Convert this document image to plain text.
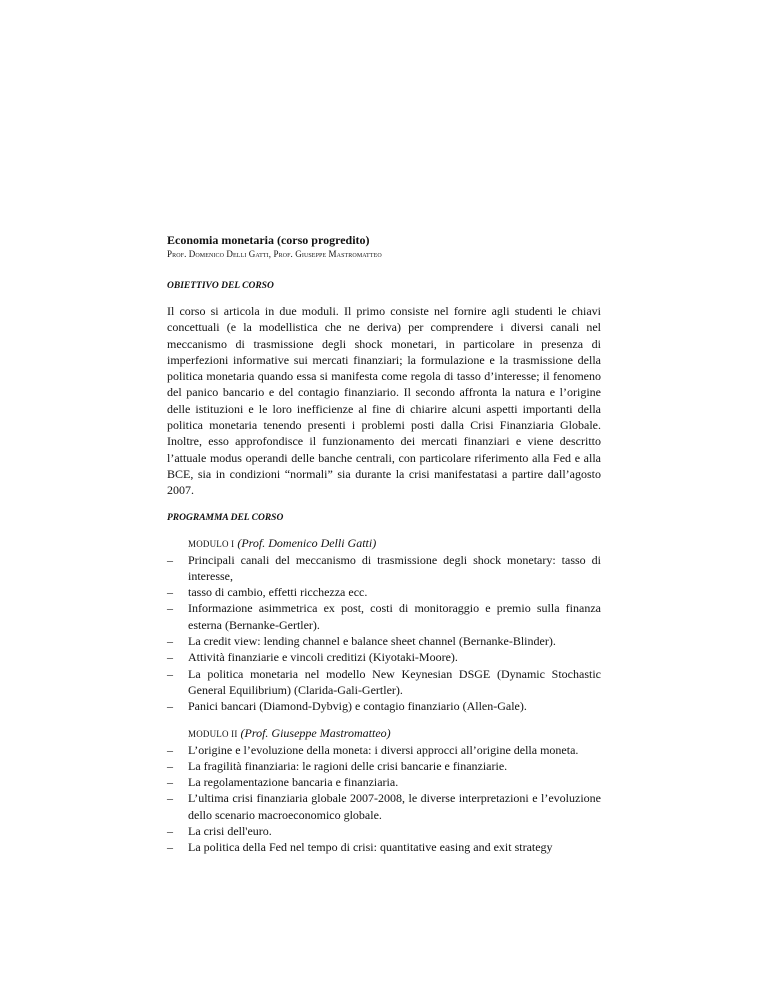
Economia monetaria (corso progredito)

Prof. Domenico Delli Gatti, Prof. Giuseppe Mastromatteo

OBIETTIVO DEL CORSO

Il corso si articola in due moduli. Il primo consiste nel fornire agli studenti le chiavi concettuali (e la modellistica che ne deriva) per comprendere i diversi canali nel meccanismo di trasmissione degli shock monetari, in particolare in presenza di imperfezioni informative sui mercati finanziari; la formulazione e la trasmissione della politica monetaria quando essa si manifesta come regola di tasso d’interesse; il fenomeno del panico bancario e del contagio finanziario. Il secondo affronta la natura e l’origine delle istituzioni e le loro inefficienze al fine di chiarire alcuni aspetti importanti della politica monetaria tenendo presenti i problemi posti dalla Crisi Finanziaria Globale. Inoltre, esso approfondisce il funzionamento dei mercati finanziari e viene descritto l’attuale modus operandi delle banche centrali, con particolare riferimento alla Fed e alla BCE, sia in condizioni “normali” sia durante la crisi manifestatasi a partire dall’agosto 2007.

PROGRAMMA DEL CORSO

MODULO I (Prof. Domenico Delli Gatti)

– Principali canali del meccanismo di trasmissione degli shock monetary: tasso di interesse,
– tasso di cambio, effetti ricchezza ecc.
– Informazione asimmetrica ex post, costi di monitoraggio e premio sulla finanza esterna (Bernanke-Gertler).
– La credit view: lending channel e balance sheet channel (Bernanke-Blinder).
– Attività finanziarie e vincoli creditizi (Kiyotaki-Moore).
– La politica monetaria nel modello New Keynesian DSGE (Dynamic Stochastic General Equilibrium) (Clarida-Gali-Gertler).
– Panici bancari (Diamond-Dybvig) e contagio finanziario (Allen-Gale).

MODULO II (Prof. Giuseppe Mastromatteo)

– L’origine e l’evoluzione della moneta: i diversi approcci all’origine della moneta.
– La fragilità finanziaria: le ragioni delle crisi bancarie e finanziarie.
– La regolamentazione bancaria e finanziaria.
– L’ultima crisi finanziaria globale 2007-2008, le diverse interpretazioni e l’evoluzione dello scenario macroeconomico globale.
– La crisi dell'euro.
– La politica della Fed nel tempo di crisi: quantitative easing and exit strategy
